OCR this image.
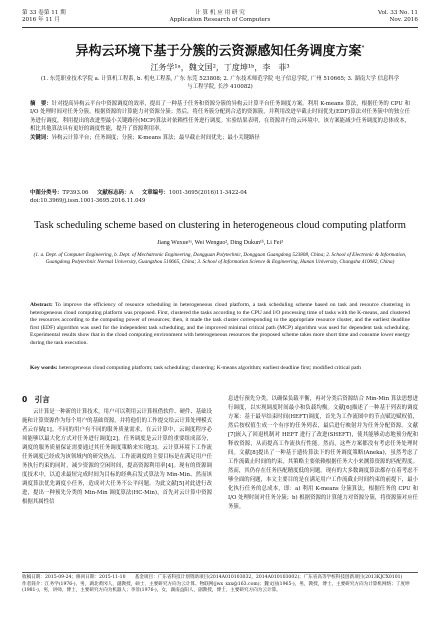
第 33 卷第 11 期
2016 年 11 月
计 算 机 应 用 研 究
Application Research of Computers
Vol. 33 No. 11
Nov. 2016
异构云环境下基于分簇的云资源感知任务调度方案*
江务学¹ᵃ，魏文国²，丁度坤¹ᵇ，李　菲³
(1. 东莞职业技术学院 a. 计算机工程系, b. 机电工程系, 广东 东莞 523808; 2. 广东技术师范学院 电子信息学院, 广州 510665; 3. 湖南大学 信息科学与工程学院, 长沙 410082)
摘　要：针对提高异构云平台中资源调度的效率，提出了一种基于任务和资源分簇的异构云计算平台任务调度方案。利用 K-means 算法，根据任务的 CPU 和 I/O 处理时间对任务分簇，根据资源的计算能力对资源分簇；然后，将任务簇分配到合适的资源簇，并利用改进早截止时间优先(EDF)算法对任务簇中的独立任务进行调度，利用提出的改进型最小关键路径(MCP)算法对依赖性任务进行调度。实验结果表明，在资源并行的云环境中，该方案能减少任务调度的总体成本，相比其他算法具有更好的调度性能，提升了资源利用率。
关键词：异构云计算平台；任务调度；分簇；K-means 算法；最早截止时间优先；最小关键路径
中图分类号：TP393.06 文献标志码：A 文章编号：1001-3695(2016)11-3422-04
doi:10.3969/j.issn.1001-3695.2016.11.049
Task scheduling scheme based on clustering in heterogeneous cloud computing platform
Jiang Wuxue¹ᵃ, Wei Wenguo², Ding Dukun¹ᵇ, Li Fei³
(1. a. Dept. of Computer Engineering, b. Dept. of Mechatronic Engineering, Dongguan Polytechnic, Dongguan Guangdong 523808, China; 2. School of Electronic & Information, Guangdong Polytechnic Normal University, Guangzhou 510665, China; 3. School of Information Science & Engineering, Hunan University, Changsha 410082, China)
Abstract: To improve the efficiency of resource scheduling in heterogeneous cloud platform, a task scheduling scheme based on task and resource clustering in heterogeneous cloud computing platform was proposed. First, clustered the tasks according to the CPU and I/O processing time of tasks with the K-means, and clustered the resources according to the computing power of resources; then, it made the task cluster corresponding to the appropriate resource cluster, and the earliest deadline first (EDF) algorithm was used for the independent task scheduling, and the improved minimal critical path (MCP) algorithm was used for dependent task scheduling. Experimental results show that in the cloud computing environment with heterogeneous resources the proposed scheme takes more short time and consume lower energy during the task execution.
Key words: heterogeneous cloud computing platform; task scheduling; clustering; K-means algorithm; earliest deadline first; modified critical path
0　引言
云计算是一种新的计算技术，用户可以利用云计算租借软件、硬件、基础设施和计算资源作为每个用户的基础资源，并将他们的工作提交给云计算处理模式者云存储[1]。不同的用户有不同的服务质量需求，在云计算中，云调度程序必须能够以最大化方式对任务进行调度[2]。任务调度是云计算的重要组成部分，调度的服务质量保证需要通过其任务调度策略来实现[3]。云计算环境下工作流任务调度已经成为该领域内的研究热点。工作流调度的主要目标是在满足用户任务执行约束的同时，减少资源的空闲时间，提高资源利用率[4]。现有的资源调度技术中，以追求最短完成时间为目标的经典启发式算法为 Min-Min、然而该调度算法优先调度小任务，造成对大任务不公平问题。为此文献[5]对此进行改进，提出一种预先分类的 Min-Min 调度算法(HC-Min)，首先对云计算中资源根据其属性信
息进行预先分类，以确保负载平衡，再对分类后资源结合 Min-Min 算法思想进行调度，以实现调度时间最小和负载均衡。文献[6]描述了一种基于列表的调度方案：基于最早结束时间(HEFT)调度，首先为工作流图中的节点赋边赋权值，然后按权值生成一个有序的任务列表，最后进行映射并为任务分配资源。文献[7]嵌入了回退机制对 HEFT 进行了改进(SHEFT)，使其能够动态地预分配和释放资源，从而提高工作流执行性能。然而，这些方案都没有考虑任务处理时间。文献[8]提出了一种基于遗传算法下的任务调度策略(Aneka)，虽然考虑了工作流截止时间的约束，其策略主要依赖根据任务大小来测算资源的匹配程度。然而，其仍存在任务匹配精度低的问题。现有的大多数调度算法都存在着考虑不够全面的问题，本文主要目的是在满足用户工作流截止时间约束的前提下，最小化执行任务的总成本，即：a) 利用 K-means 分簇算法，根据任务的 CPU 和 I/O 处理时间对任务分簇；b) 根据资源的计算能力对资源分簇，将资源簇对应任务簇。
收稿日期：2015-09-24；修回日期：2015-11-10　　基金项目：广东省科技计划资助项目(2014A010103032，2014A010103002)；广东省高等学校科技创新项目(2013KJCX0101)
作者简介：江务学(1976-)，男，湖北黄冈人，副教授，硕士，主要研究方向为云计算、物联网(jwx_xxx@163.com)；魏文国(1965-)，男，教授，博士，主要研究方向为计算机网络；丁度坤(1981-)，男，讲师，博士，主要研究方向为机器人；李菲(1976-)，女，湖南益阳人，副教授，博士，主要研究方向为云计算。
